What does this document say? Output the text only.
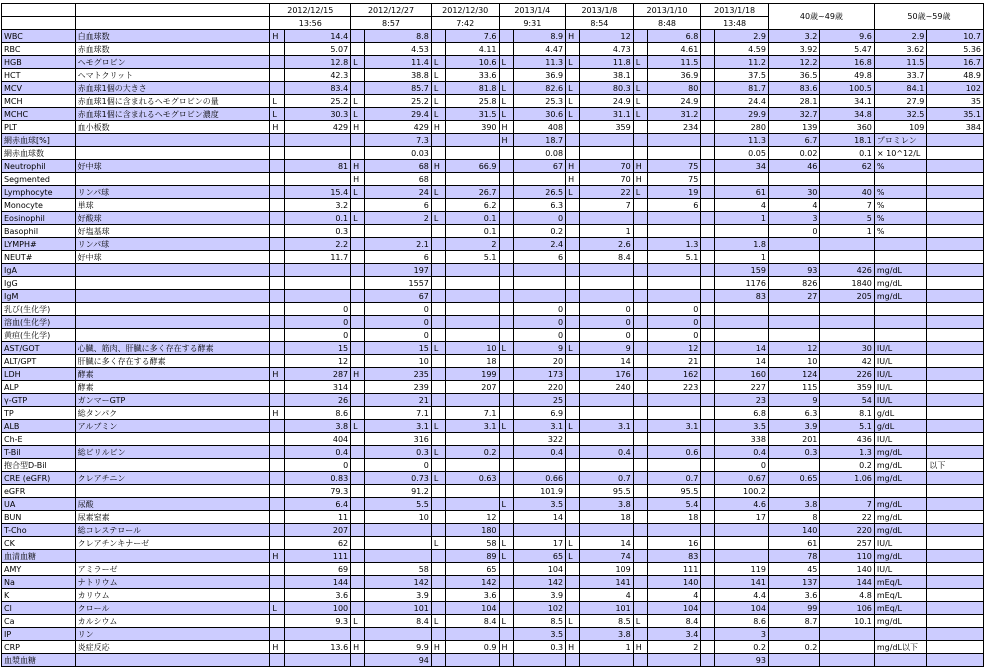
		2012/12/15		2012/12/27		2012/12/30		2013/1/4		2013/1/8		2013/1/10		2013/1/18		40歳~49歳		50歳~59歳	
		13:56		8:57		7:42		9:31		8:54		8:48		13:48					
WBC	白血球数	H	14.4		8.8		7.6		8.9	H	12		6.8		2.9	3.2	9.6	2.9	10.7
RBC	赤血球数		5.07		4.53		4.11		4.47		4.73		4.61		4.59	3.92	5.47	3.62	5.36
HGB	ヘモグロビン		12.8	L	11.4	L	10.6	L	11.3	L	11.8	L	11.5		11.2	12.2	16.8	11.5	16.7
HCT	ヘマトクリット		42.3		38.8	L	33.6		36.9		38.1		36.9		37.5	36.5	49.8	33.7	48.9
MCV	赤血球1個の大きさ		83.4		85.7	L	81.8	L	82.6	L	80.3	L	80		81.7	83.6	100.5	84.1	102
MCH	赤血球1個に含まれるヘモグロビンの量	L	25.2	L	25.2	L	25.8	L	25.3	L	24.9	L	24.9		24.4	28.1	34.1	27.9	35
MCHC	赤血球1個に含まれるヘモグロビン濃度	L	30.3	L	29.4	L	31.5	L	30.6	L	31.1	L	31.2		29.9	32.7	34.8	32.5	35.1
PLT	血小板数	H	429	H	429	H	390	H	408		359		234		280	139	360	109	384
網赤血球[%]					7.3			H	18.7						11.3	6.7	18.1	プロミレン	
網赤血球数					0.03				0.08						0.05	0.02	0.1	× 10^12/L	
Neutrophil	好中球		81	H	68	H	66.9		67	H	70	H	75		34	46	62	%	
Segmented				H	68					H	70	H	75						
Lymphocyte	リンパ球		15.4	L	24	L	26.7		26.5	L	22	L	19		61	30	40	%	
Monocyte	単球		3.2		6		6.2		6.3		7		6		4	4	7	%	
Eosinophil	好酸球		0.1	L	2	L	0.1		0						1	3	5	%	
Basophil	好塩基球		0.3				0.1		0.2		1					0	1	%	
LYMPH#	リンパ球		2.2		2.1		2		2.4		2.6		1.3		1.8				
NEUT#	好中球		11.7		6		5.1		6		8.4		5.1		1				
IgA					197										159	93	426	mg/dL	
IgG					1557										1176	826	1840	mg/dL	
IgM					67										83	27	205	mg/dL	
乳び(生化学)			0		0				0		0		0						
溶血(生化学)			0		0				0		0		0						
黄疸(生化学)			0		0				0		0		0						
AST/GOT	心臓、筋肉、肝臓に多く存在する酵素		15		15	L	10	L	9	L	9		12		14	12	30	IU/L	
ALT/GPT	肝臓に多く存在する酵素		12		10		18		20		14		21		14	10	42	IU/L	
LDH	酵素	H	287	H	235		199		173		176		162		160	124	226	IU/L	
ALP	酵素		314		239		207		220		240		223		227	115	359	IU/L	
γ-GTP	ガンマーGTP		26		21				25						23	9	54	IU/L	
TP	総タンパク	H	8.6		7.1		7.1		6.9						6.8	6.3	8.1	g/dL	
ALB	アルブミン		3.8	L	3.1	L	3.1	L	3.1	L	3.1		3.1		3.5	3.9	5.1	g/dL	
Ch-E			404		316				322						338	201	436	IU/L	
T-Bil	総ビリルビン		0.4		0.3	L	0.2		0.4		0.4		0.6		0.4	0.3	1.3	mg/dL	
抱合型D-Bil			0		0										0		0.2	mg/dL	以下
CRE (eGFR)	クレアチニン		0.83		0.73	L	0.63		0.66		0.7		0.7		0.67	0.65	1.06	mg/dL	
eGFR			79.3		91.2				101.9		95.5		95.5		100.2				
UA	尿酸		6.4		5.5			L	3.5		3.8		5.4		4.6	3.8	7	mg/dL	
BUN	尿素窒素		11		10		12		14		18		18		17	8	22	mg/dL	
T-Cho	総コレステロール		207				180									140	220	mg/dL	
CK	クレアチンキナーゼ		62			L	58	L	17	L	14		16			61	257	IU/L	
血清血糖		H	111				89	L	65	L	74		83			78	110	mg/dL	
AMY	アミラーゼ		69		58		65		104		109		111		119	45	140	IU/L	
Na	ナトリウム		144		142		142		142		141		140		141	137	144	mEq/L	
K	カリウム		3.6		3.9		3.6		3.9		4		4		4.4	3.6	4.8	mEq/L	
Cl	クロール	L	100		101		104		102		101		104		104	99	106	mEq/L	
Ca	カルシウム		9.3	L	8.4	L	8.4	L	8.5	L	8.5	L	8.4		8.6	8.7	10.1	mg/dL	
IP	リン								3.5		3.8		3.4		3				
CRP	炎症反応	H	13.6	H	9.9	H	0.9	H	0.3	H	1	H	2		0.2	0.2		mg/dL以下	
血漿血糖					94										93				
